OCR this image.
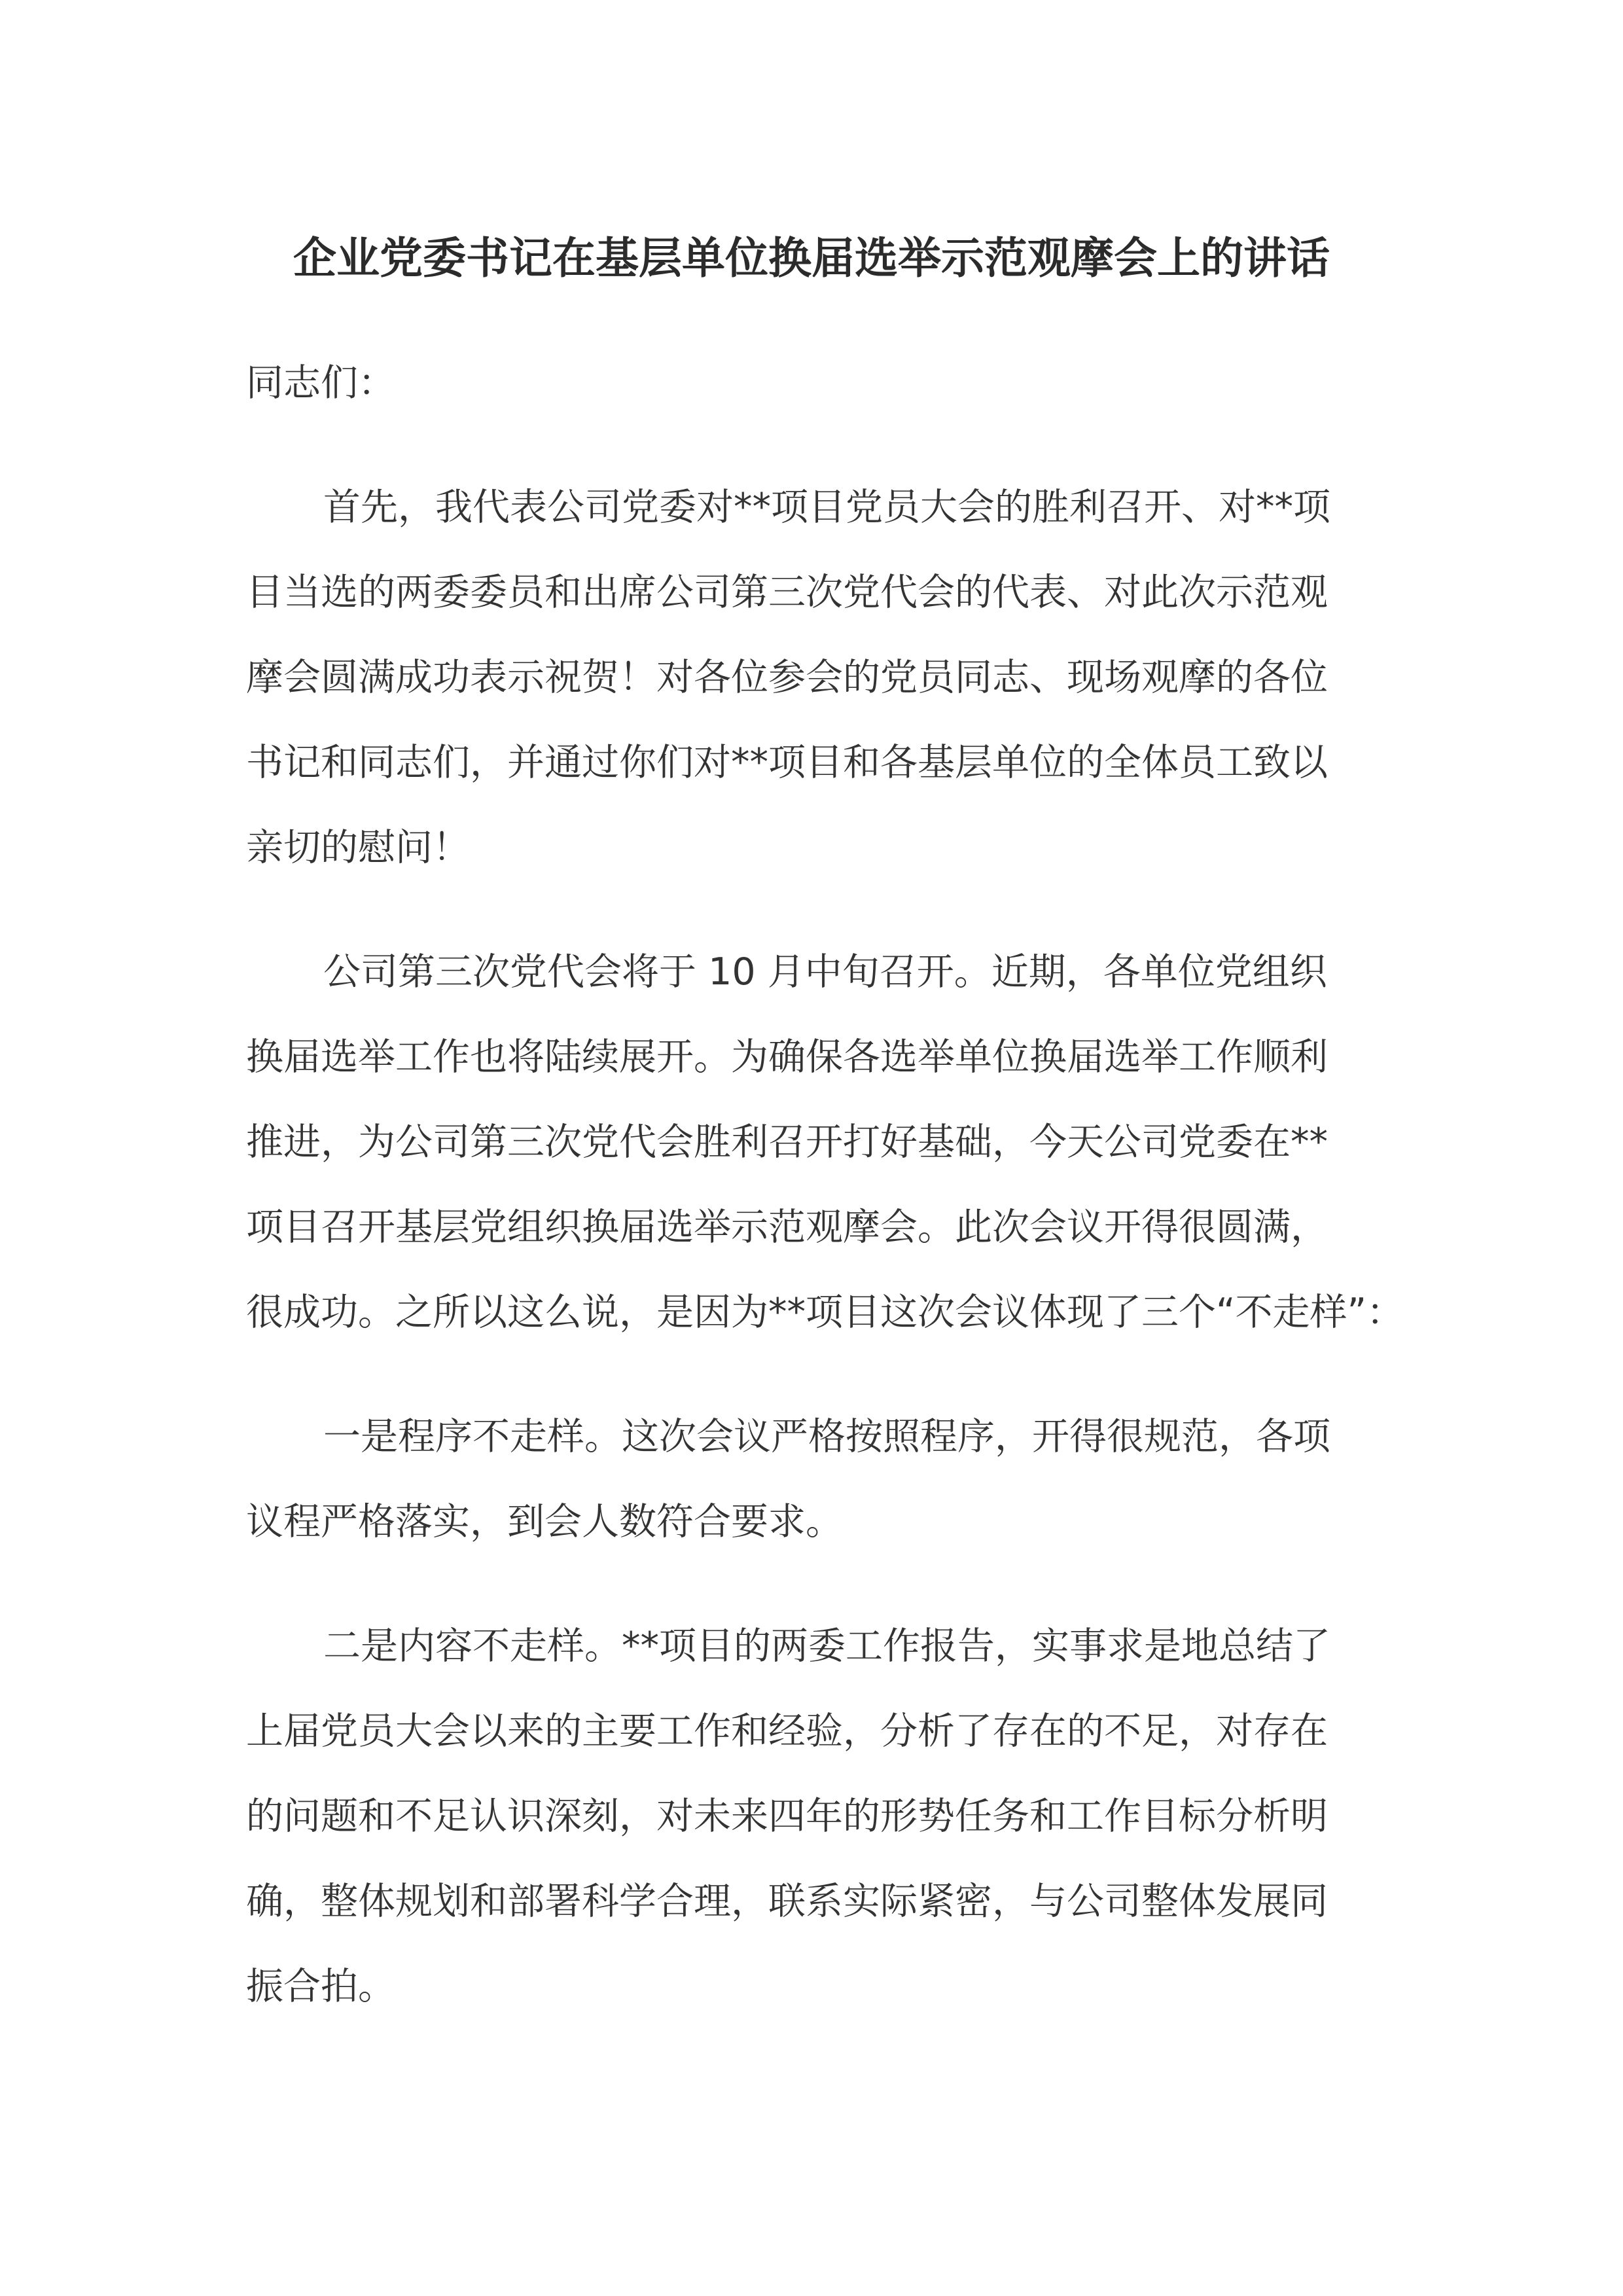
企业党委书记在基层单位换届选举示范观摩会上的讲话
同志们：
首先，我代表公司党委对**项目党员大会的胜利召开、对**项
目当选的两委委员和出席公司第三次党代会的代表、对此次示范观
摩会圆满成功表示祝贺！对各位参会的党员同志、现场观摩的各位
书记和同志们，并通过你们对**项目和各基层单位的全体员工致以
亲切的慰问！
公司第三次党代会将于 10 月中旬召开。近期，各单位党组织
换届选举工作也将陆续展开。为确保各选举单位换届选举工作顺利
推进，为公司第三次党代会胜利召开打好基础，今天公司党委在**
项目召开基层党组织换届选举示范观摩会。此次会议开得很圆满，
很成功。之所以这么说，是因为**项目这次会议体现了三个“不走样”：
一是程序不走样。这次会议严格按照程序，开得很规范，各项
议程严格落实，到会人数符合要求。
二是内容不走样。**项目的两委工作报告，实事求是地总结了
上届党员大会以来的主要工作和经验，分析了存在的不足，对存在
的问题和不足认识深刻，对未来四年的形势任务和工作目标分析明
确，整体规划和部署科学合理，联系实际紧密，与公司整体发展同
振合拍。
